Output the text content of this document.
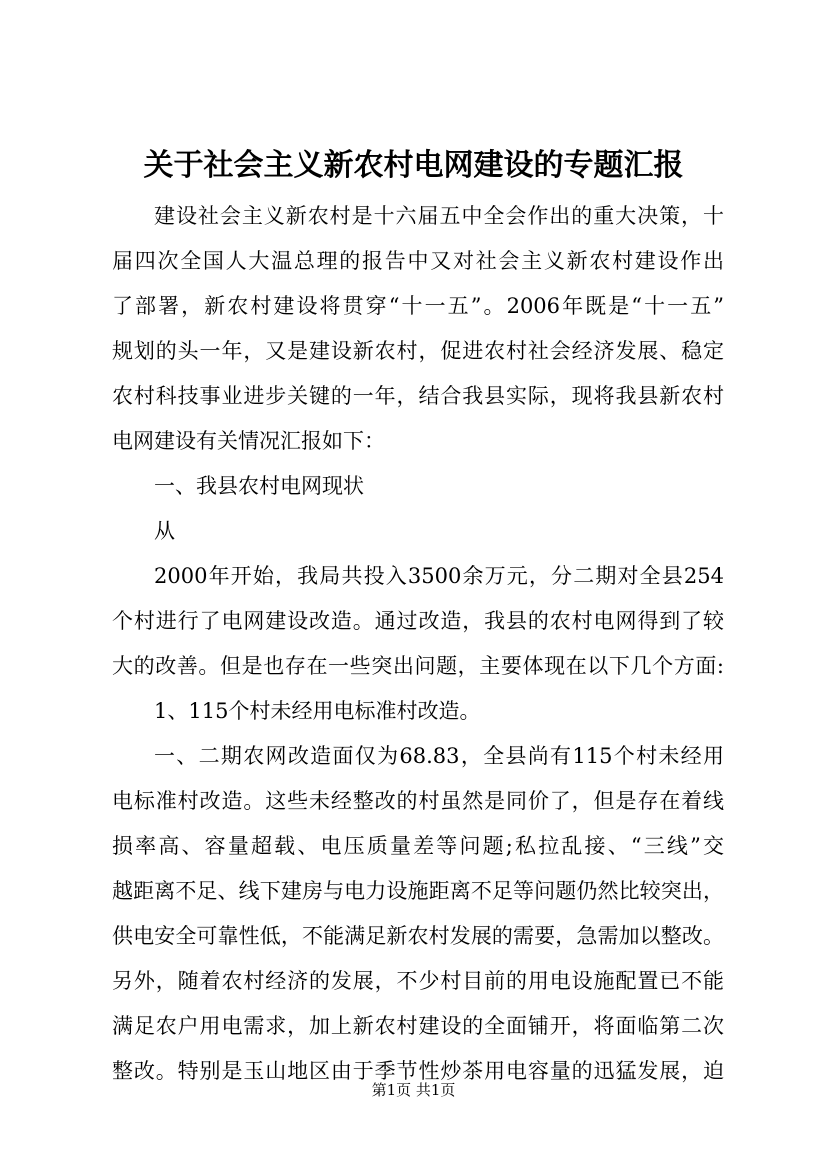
关于社会主义新农村电网建设的专题汇报
建设社会主义新农村是十六届五中全会作出的重大决策，十
届四次全国人大温总理的报告中又对社会主义新农村建设作出
了部署，新农村建设将贯穿“十一五”。2006年既是“十一五”
规划的头一年，又是建设新农村，促进农村社会经济发展、稳定
农村科技事业进步关键的一年，结合我县实际，现将我县新农村
电网建设有关情况汇报如下：
一、我县农村电网现状
从
2000年开始，我局共投入3500余万元，分二期对全县254
个村进行了电网建设改造。通过改造，我县的农村电网得到了较
大的改善。但是也存在一些突出问题，主要体现在以下几个方面:
1、115个村未经用电标准村改造。
一、二期农网改造面仅为68.83，全县尚有115个村未经用
电标准村改造。这些未经整改的村虽然是同价了，但是存在着线
损率高、容量超载、电压质量差等问题;私拉乱接、“三线”交
越距离不足、线下建房与电力设施距离不足等问题仍然比较突出，
供电安全可靠性低，不能满足新农村发展的需要，急需加以整改。
另外，随着农村经济的发展，不少村目前的用电设施配置已不能
满足农户用电需求，加上新农村建设的全面铺开，将面临第二次
整改。特别是玉山地区由于季节性炒茶用电容量的迅猛发展，迫
第1页 共1页
